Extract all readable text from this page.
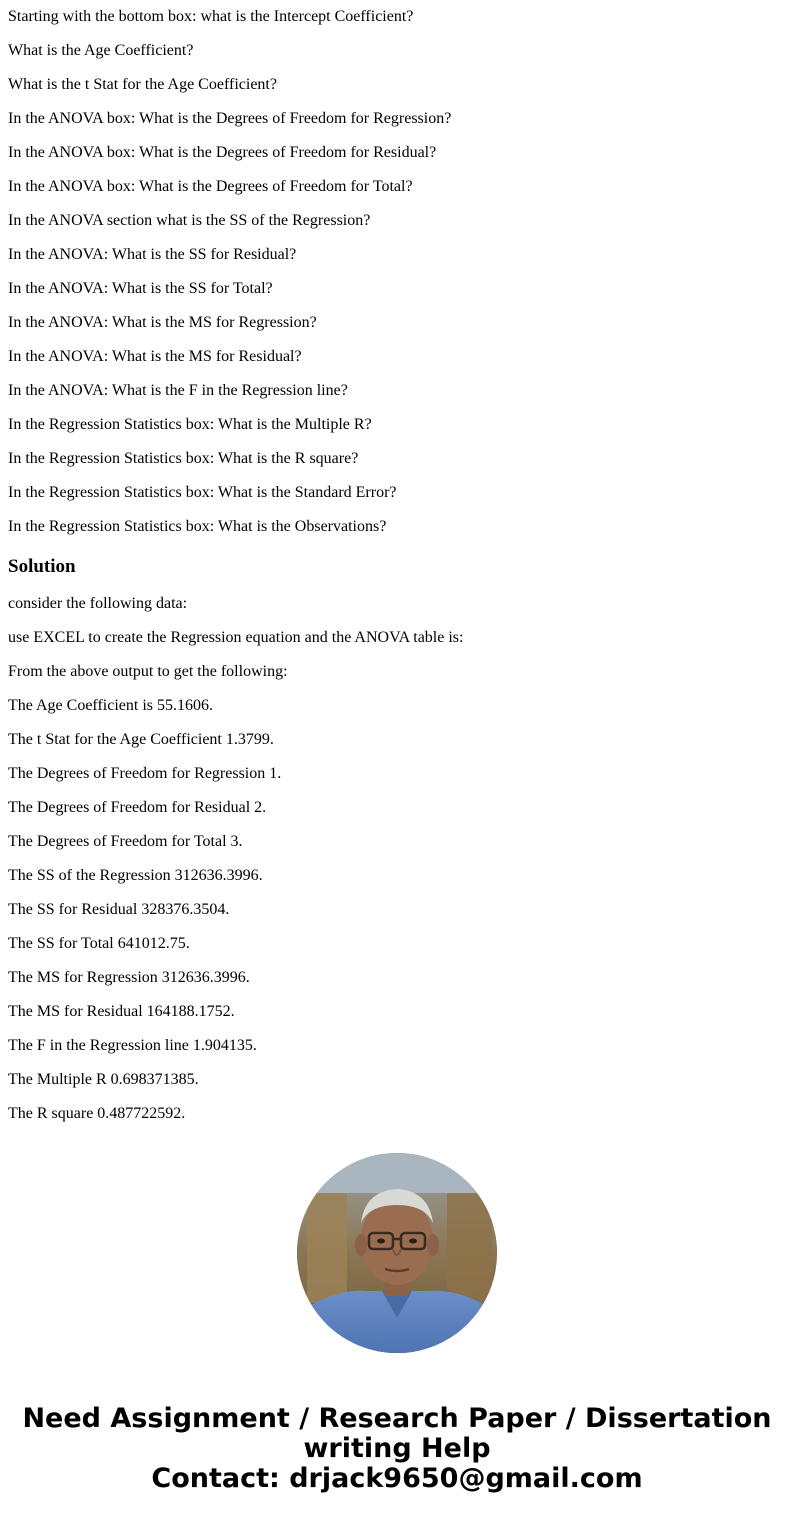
Starting with the bottom box: what is the Intercept Coefficient?

What is the Age Coefficient?

What is the t Stat for the Age Coefficient?

In the ANOVA box: What is the Degrees of Freedom for Regression?

In the ANOVA box: What is the Degrees of Freedom for Residual?

In the ANOVA box: What is the Degrees of Freedom for Total?

In the ANOVA section what is the SS of the Regression?

In the ANOVA: What is the SS for Residual?

In the ANOVA: What is the SS for Total?

In the ANOVA: What is the MS for Regression?

In the ANOVA: What is the MS for Residual?

In the ANOVA: What is the F in the Regression line?

In the Regression Statistics box: What is the Multiple R?

In the Regression Statistics box: What is the R square?

In the Regression Statistics box: What is the Standard Error?

In the Regression Statistics box: What is the Observations?

Solution

consider the following data:

use EXCEL to create the Regression equation and the ANOVA table is:

From the above output to get the following:

The Age Coefficient is 55.1606.

The t Stat for the Age Coefficient 1.3799.

The Degrees of Freedom for Regression 1.

The Degrees of Freedom for Residual 2.

The Degrees of Freedom for Total 3.

The SS of the Regression 312636.3996.

The SS for Residual 328376.3504.

The SS for Total 641012.75.

The MS for Regression 312636.3996.

The MS for Residual 164188.1752.

The F in the Regression line 1.904135.

The Multiple R 0.698371385.

The R square 0.487722592.

Need Assignment / Research Paper / Dissertation
writing Help
Contact: drjack9650@gmail.com
